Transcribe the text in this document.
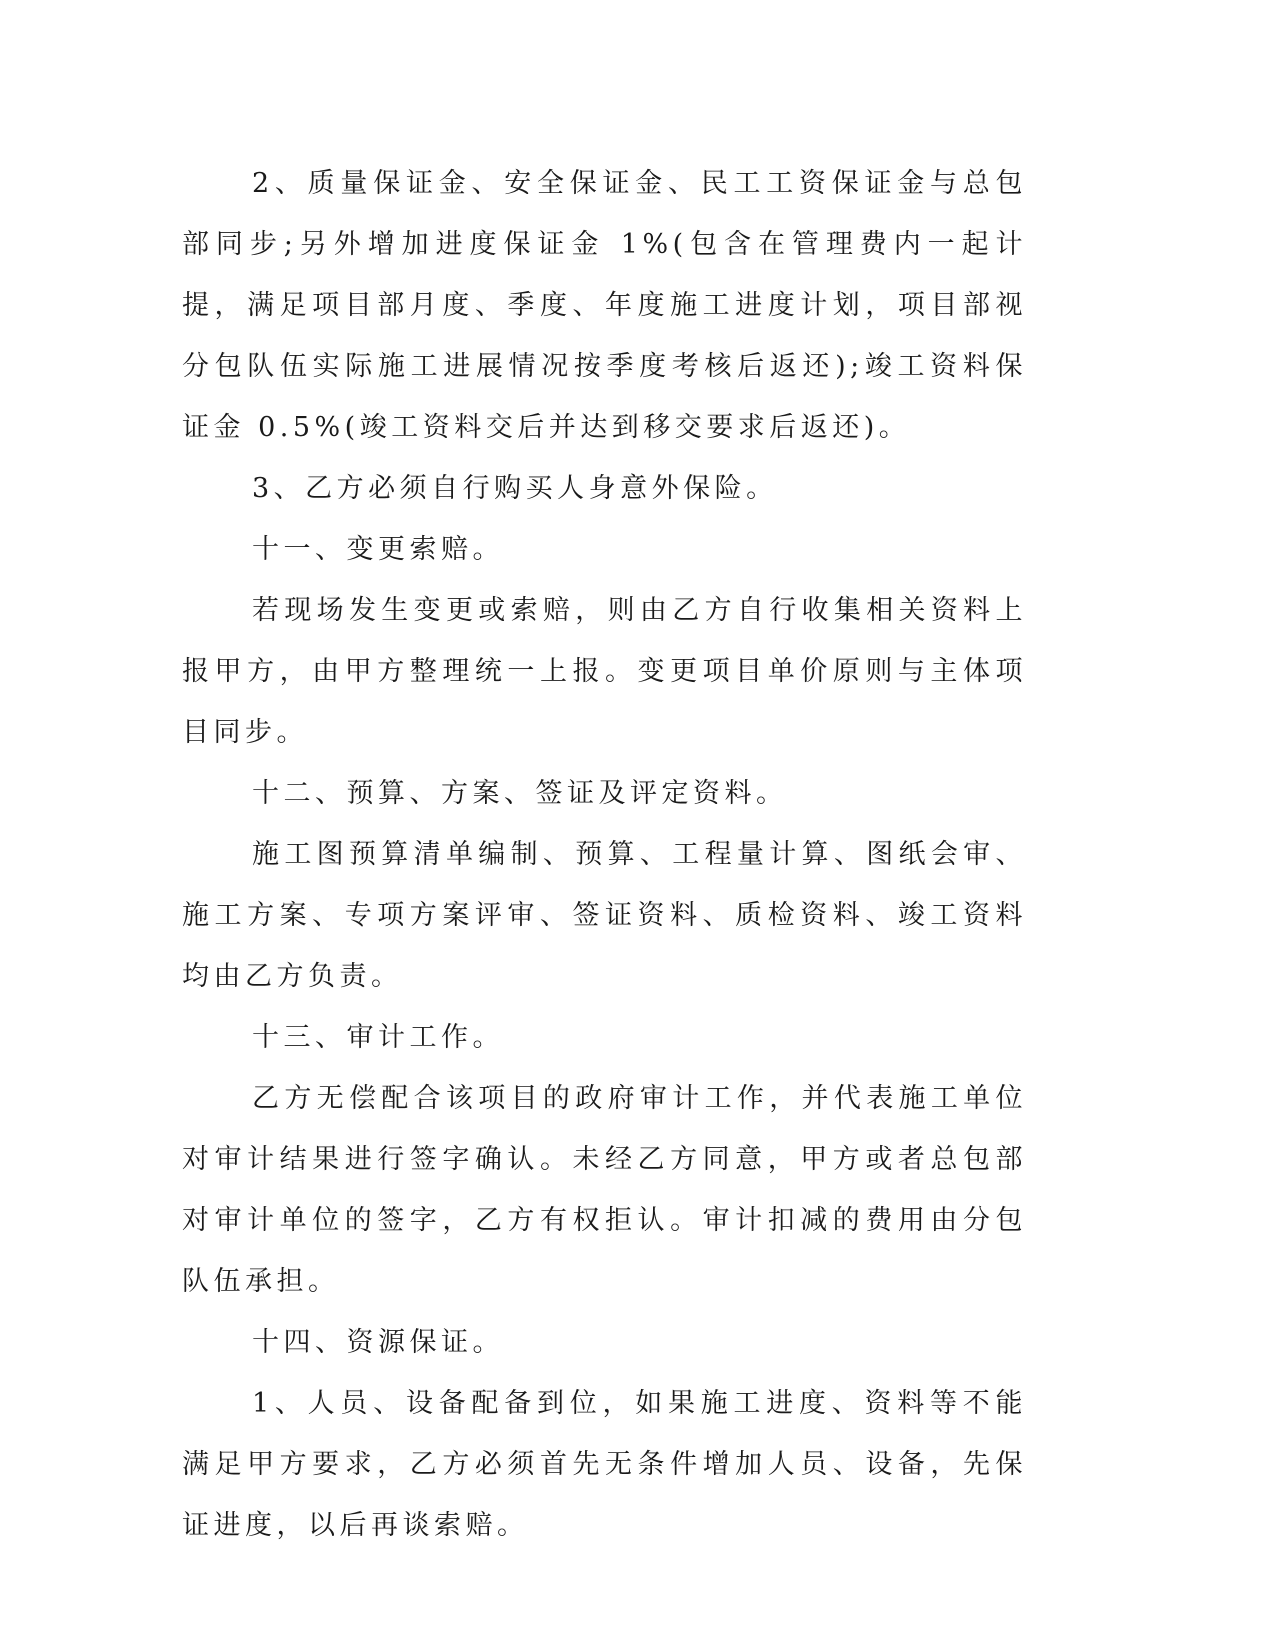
2、质量保证金、安全保证金、民工工资保证金与总包部同步;另外增加进度保证金 1%(包含在管理费内一起计提，满足项目部月度、季度、年度施工进度计划，项目部视分包队伍实际施工进展情况按季度考核后返还);竣工资料保证金 0.5%(竣工资料交后并达到移交要求后返还)。

3、乙方必须自行购买人身意外保险。

十一、变更索赔。

若现场发生变更或索赔，则由乙方自行收集相关资料上报甲方，由甲方整理统一上报。变更项目单价原则与主体项目同步。

十二、预算、方案、签证及评定资料。

施工图预算清单编制、预算、工程量计算、图纸会审、施工方案、专项方案评审、签证资料、质检资料、竣工资料均由乙方负责。

十三、审计工作。

乙方无偿配合该项目的政府审计工作，并代表施工单位对审计结果进行签字确认。未经乙方同意，甲方或者总包部对审计单位的签字，乙方有权拒认。审计扣减的费用由分包队伍承担。

十四、资源保证。

1、人员、设备配备到位，如果施工进度、资料等不能满足甲方要求，乙方必须首先无条件增加人员、设备，先保证进度，以后再谈索赔。
